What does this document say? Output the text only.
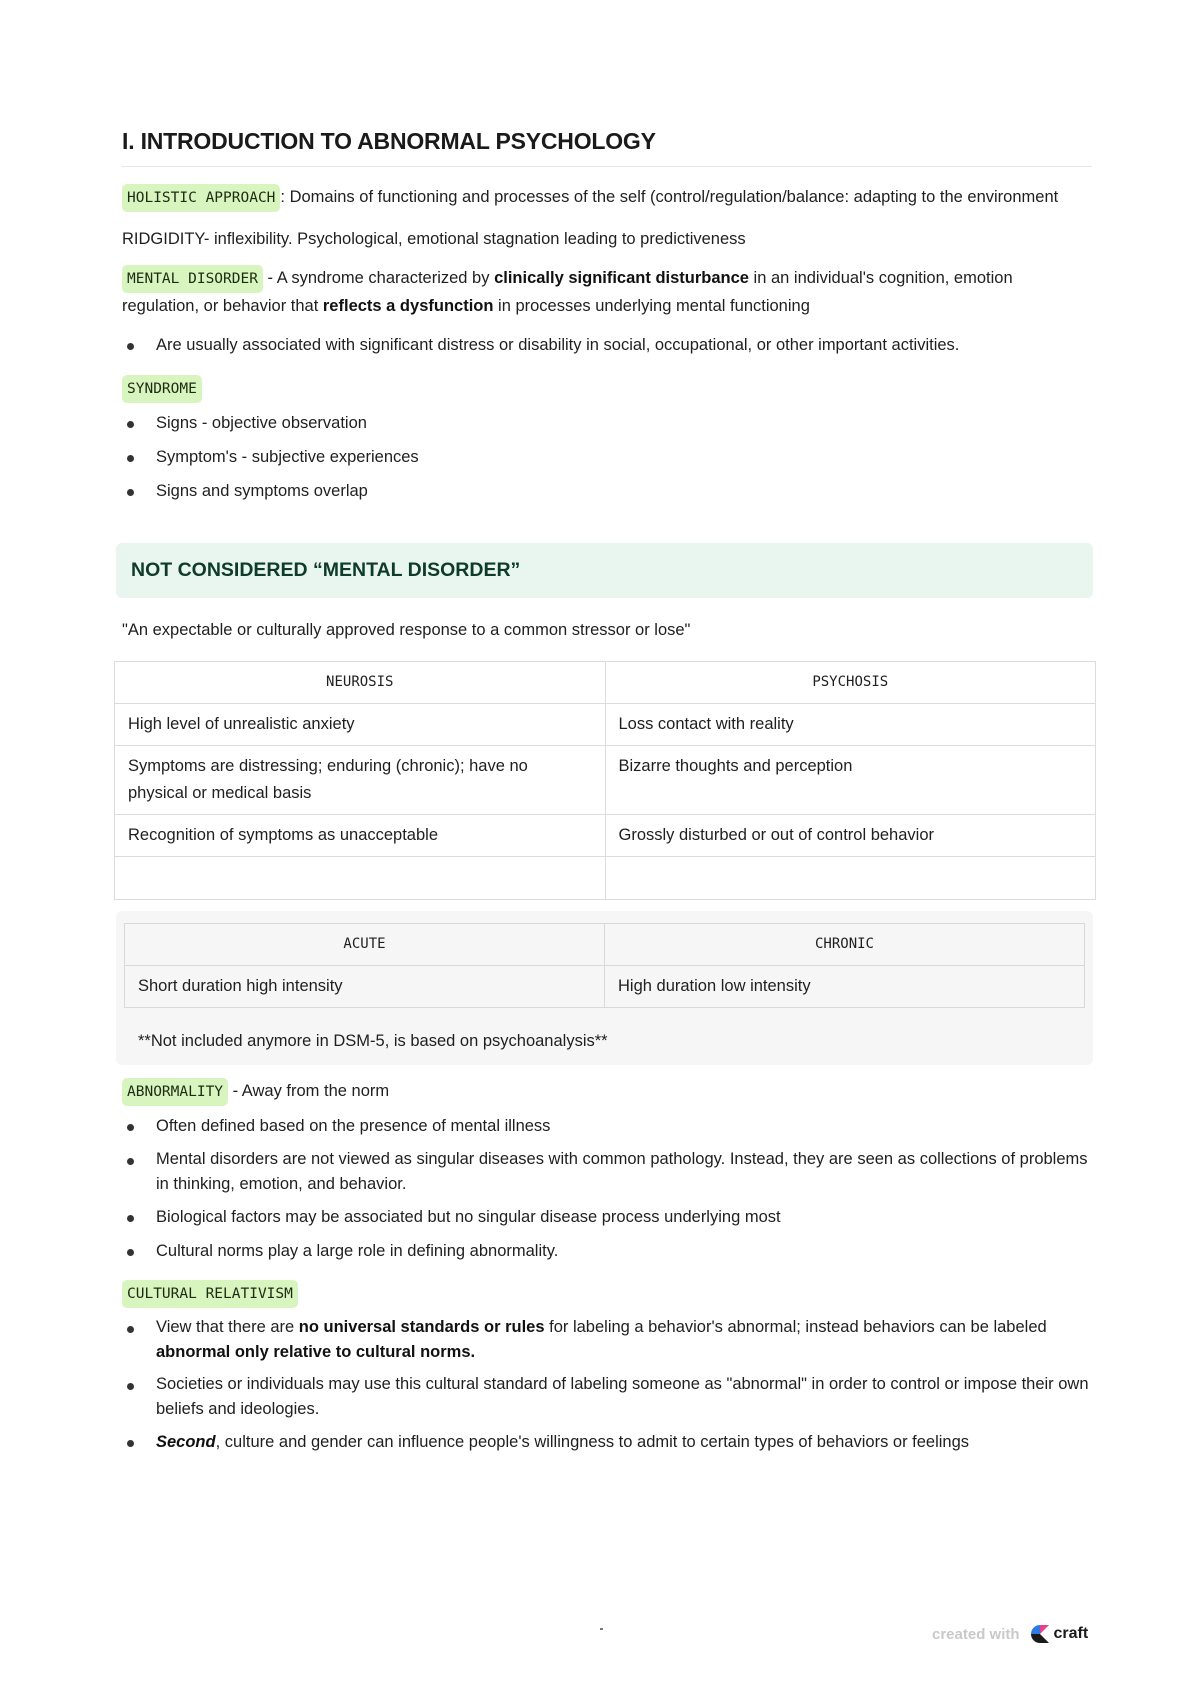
I. INTRODUCTION TO ABNORMAL PSYCHOLOGY

HOLISTIC APPROACH : Domains of functioning and processes of the self (control/regulation/balance: adapting to the environment

RIDGIDITY- inflexibility. Psychological, emotional stagnation leading to predictiveness

MENTAL DISORDER - A syndrome characterized by clinically significant disturbance in an individual's cognition, emotion regulation, or behavior that reflects a dysfunction in processes underlying mental functioning

Are usually associated with significant distress or disability in social, occupational, or other important activities.

SYNDROME

Signs - objective observation
Symptom's - subjective experiences
Signs and symptoms overlap
NOT CONSIDERED “MENTAL DISORDER”

"An expectable or culturally approved response to a common stressor or lose"

NEUROSIS	PSYCHOSIS
High level of unrealistic anxiety	Loss contact with reality
Symptoms are distressing; enduring (chronic); have no physical or medical basis	Bizarre thoughts and perception
Recognition of symptoms as unacceptable	Grossly disturbed or out of control behavior

ACUTE	CHRONIC
Short duration high intensity	High duration low intensity

**Not included anymore in DSM-5, is based on psychoanalysis**

ABNORMALITY - Away from the norm

Often defined based on the presence of mental illness
Mental disorders are not viewed as singular diseases with common pathology. Instead, they are seen as collections of problems in thinking, emotion, and behavior.
Biological factors may be associated but no singular disease process underlying most
Cultural norms play a large role in defining abnormality.

CULTURAL RELATIVISM

View that there are no universal standards or rules for labeling a behavior's abnormal; instead behaviors can be labeled abnormal only relative to cultural norms.
Societies or individuals may use this cultural standard of labeling someone as "abnormal" in order to control or impose their own beliefs and ideologies.
Second, culture and gender can influence people's willingness to admit to certain types of behaviors or feelings
created with craft
